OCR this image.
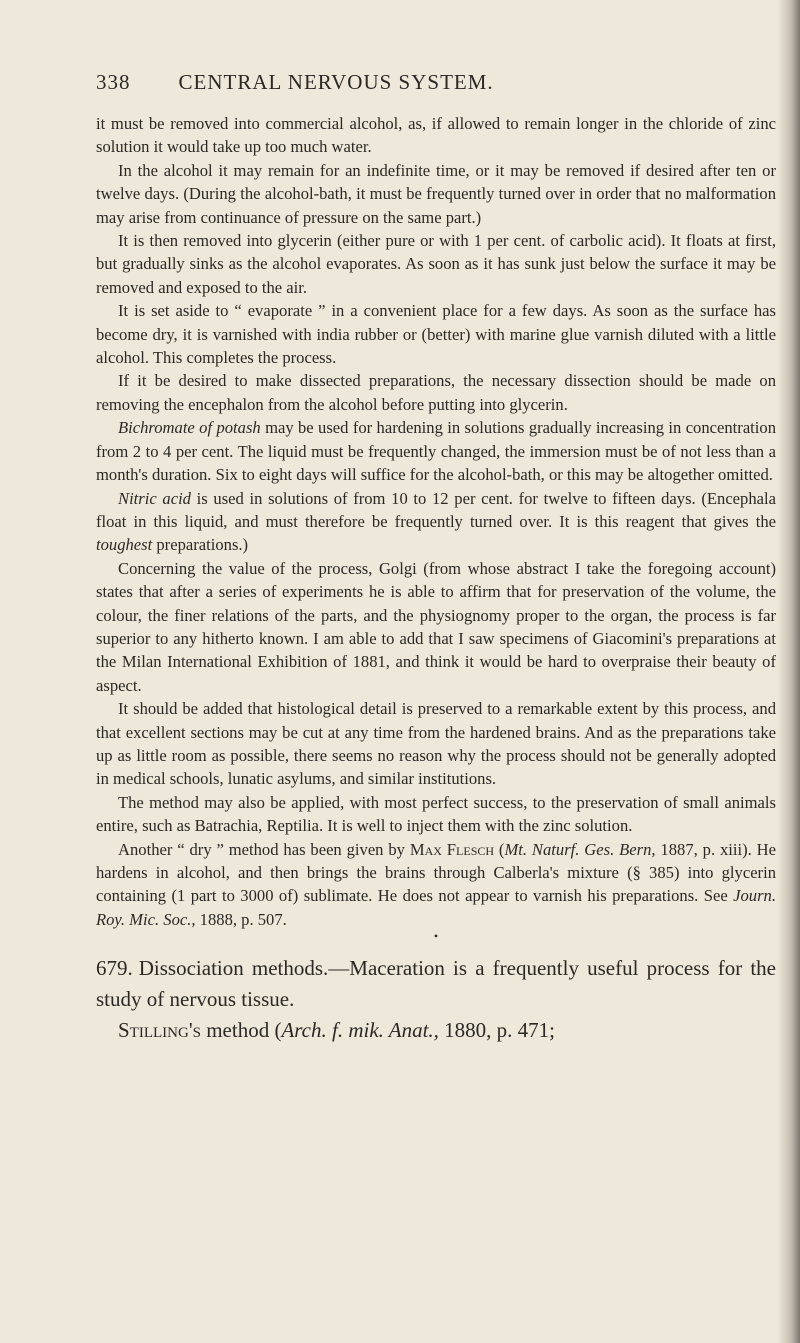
338 CENTRAL NERVOUS SYSTEM.

it must be removed into commercial alcohol, as, if allowed to remain longer in the chloride of zinc solution it would take up too much water.

In the alcohol it may remain for an indefinite time, or it may be removed if desired after ten or twelve days. (During the alcohol-bath, it must be frequently turned over in order that no malformation may arise from continuance of pressure on the same part.)

It is then removed into glycerin (either pure or with 1 per cent. of carbolic acid). It floats at first, but gradually sinks as the alcohol evaporates. As soon as it has sunk just below the surface it may be removed and exposed to the air.

It is set aside to “ evaporate ” in a convenient place for a few days. As soon as the surface has become dry, it is varnished with india rubber or (better) with marine glue varnish diluted with a little alcohol. This completes the process.

If it be desired to make dissected preparations, the necessary dissection should be made on removing the encephalon from the alcohol before putting into glycerin.

Bichromate of potash may be used for hardening in solutions gradually increasing in concentration from 2 to 4 per cent. The liquid must be frequently changed, the immersion must be of not less than a month's duration. Six to eight days will suffice for the alcohol-bath, or this may be altogether omitted.

Nitric acid is used in solutions of from 10 to 12 per cent. for twelve to fifteen days. (Encephala float in this liquid, and must therefore be frequently turned over. It is this reagent that gives the toughest preparations.)

Concerning the value of the process, Golgi (from whose abstract I take the foregoing account) states that after a series of experiments he is able to affirm that for preservation of the volume, the colour, the finer relations of the parts, and the physiognomy proper to the organ, the process is far superior to any hitherto known. I am able to add that I saw specimens of Giacomini's preparations at the Milan International Exhibition of 1881, and think it would be hard to overpraise their beauty of aspect.

It should be added that histological detail is preserved to a remarkable extent by this process, and that excellent sections may be cut at any time from the hardened brains. And as the preparations take up as little room as possible, there seems no reason why the process should not be generally adopted in medical schools, lunatic asylums, and similar institutions.

The method may also be applied, with most perfect success, to the preservation of small animals entire, such as Batrachia, Reptilia. It is well to inject them with the zinc solution.

Another “ dry ” method has been given by Max Flesch (Mt. Naturf. Ges. Bern, 1887, p. xiii). He hardens in alcohol, and then brings the brains through Calberla's mixture (§ 385) into glycerin containing (1 part to 3000 of) sublimate. He does not appear to varnish his preparations. See Journ. Roy. Mic. Soc., 1888, p. 507.

•

679. Dissociation methods.—Maceration is a frequently useful process for the study of nervous tissue.

Stilling's method (Arch. f. mik. Anat., 1880, p. 471;
